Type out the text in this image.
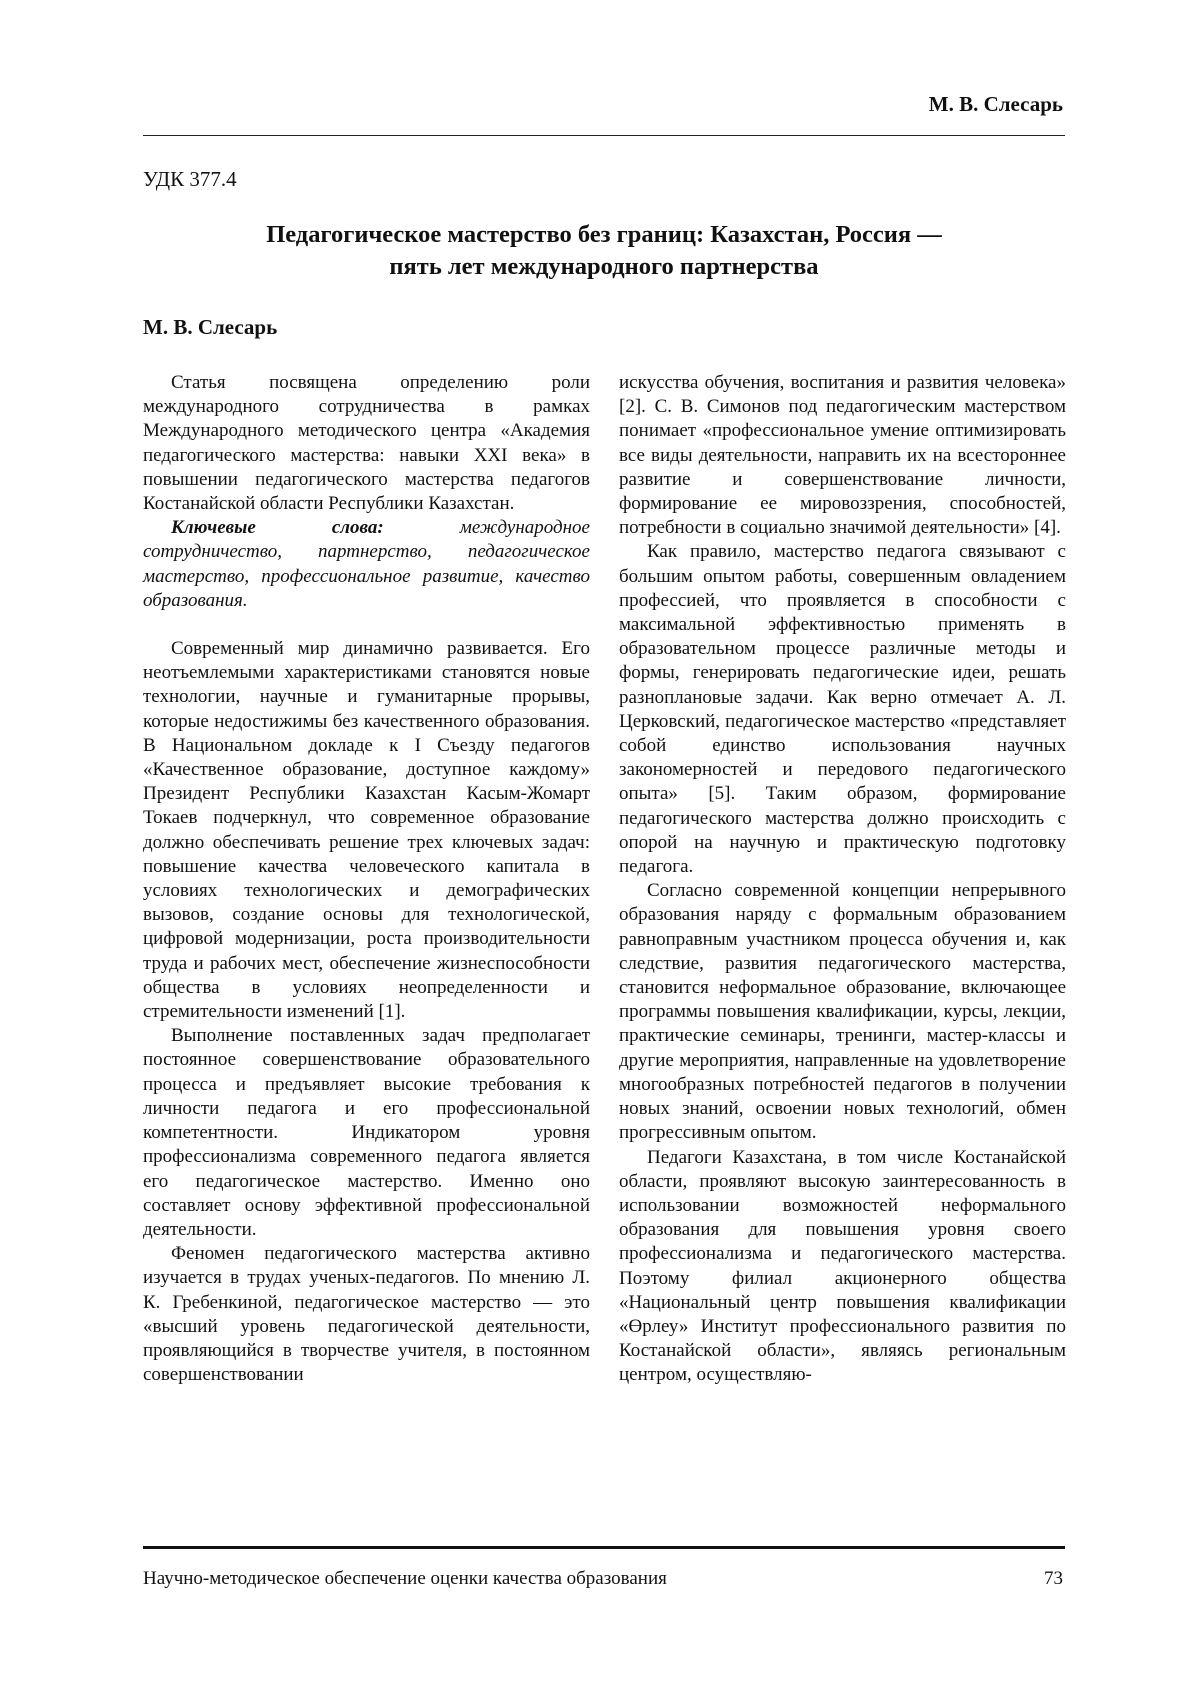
М. В. Слесарь
УДК 377.4
Педагогическое мастерство без границ: Казахстан, Россия —
пять лет международного партнерства
М. В. Слесарь

Статья посвящена определению роли международного сотрудничества в рамках Международного методического центра «Академия педагогического мастерства: навыки XXI века» в повышении педагогического мастерства педагогов Костанайской области Республики Казахстан.

Ключевые слова:	международное сотрудничество, партнерство, педагогическое мастерство, профессиональное развитие, качество образования.

Современный мир динамично развивается. Его неотъемлемыми характеристиками становятся новые технологии, научные и гуманитарные прорывы, которые недостижимы без качественного образования. В Национальном докладе к I Съезду педагогов «Качественное образование, доступное каждому» Президент Республики Казахстан Касым-Жомарт Токаев подчеркнул, что современное образование должно обеспечивать решение трех ключевых задач: повышение качества человеческого капитала в условиях технологических и демографических вызовов, создание основы для технологической, цифровой модернизации, роста производительности труда и рабочих мест, обеспечение жизнеспособности общества в условиях неопределенности и стремительности изменений [1].

Выполнение поставленных задач предполагает постоянное совершенствование образовательного процесса и предъявляет высокие требования к личности педагога и его профессиональной компетентности. Индикатором уровня профессионализма современного педагога является его педагогическое мастерство. Именно оно составляет основу эффективной профессиональной деятельности.

Феномен педагогического мастерства активно изучается в трудах ученых-педагогов. По мнению Л. К. Гребенкиной, педагогическое мастерство — это «высший уровень педагогической деятельности, проявляющийся в творчестве учителя, в постоянном совершенствовании

искусства обучения, воспитания и развития человека» [2]. С. В. Симонов под педагогическим мастерством понимает «профессиональное умение оптимизировать все виды деятельности, направить их на всестороннее развитие и совершенствование личности, формирование ее мировоззрения, способностей, потребности в социально значимой деятельности» [4].

Как правило, мастерство педагога связывают с большим опытом работы, совершенным овладением профессией, что проявляется в способности с максимальной эффективностью применять в образовательном процессе различные методы и формы, генерировать педагогические идеи, решать разноплановые задачи. Как верно отмечает А. Л. Церковский, педагогическое мастерство «представляет собой единство использования научных закономерностей и передового педагогического опыта» [5]. Таким образом, формирование педагогического мастерства должно происходить с опорой на научную и практическую подготовку педагога.

Согласно современной концепции непрерывного образования наряду с формальным образованием равноправным участником процесса обучения и, как следствие, развития педагогического мастерства, становится неформальное образование, включающее программы повышения квалификации, курсы, лекции, практические семинары, тренинги, мастер-классы и другие мероприятия, направленные на удовлетворение многообразных потребностей педагогов в получении новых знаний, освоении новых технологий, обмен прогрессивным опытом.

Педагоги Казахстана, в том числе Костанайской области, проявляют высокую заинтересованность в использовании возможностей неформального образования для повышения уровня своего профессионализма и педагогического мастерства. Поэтому филиал акционерного общества «Национальный центр повышения квалификации «Өрлеу» Институт профессионального развития по Костанайской области», являясь региональным центром, осуществляю-

Научно-методическое обеспечение оценки качества образования	73
